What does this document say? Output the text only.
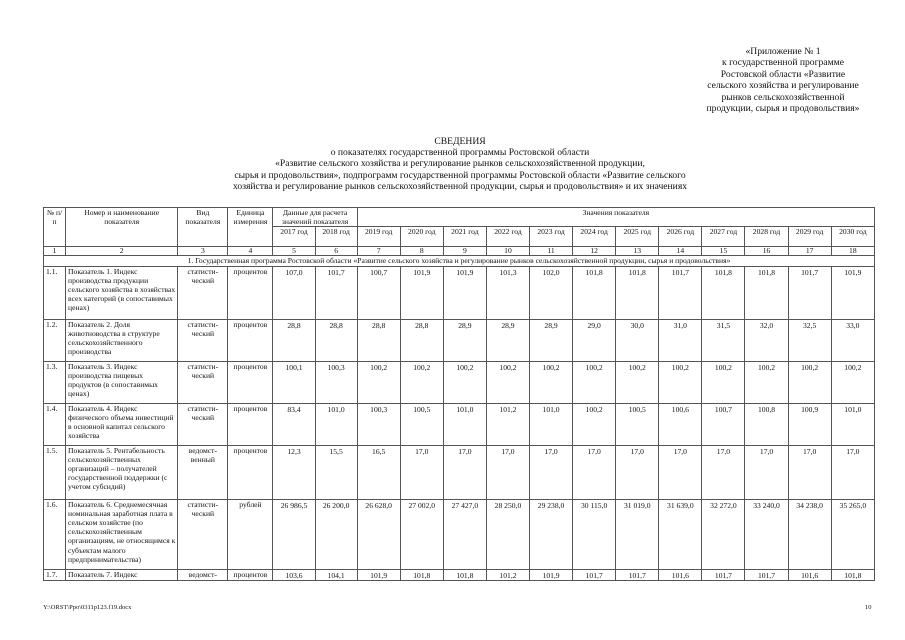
«Приложение № 1
к государственной программе
Ростовской области «Развитие
сельского хозяйства и регулирование
рынков сельскохозяйственной
продукции, сырья и продовольствия»
СВЕДЕНИЯ
о показателях государственной программы Ростовской области
«Развитие сельского хозяйства и регулирование рынков сельскохозяйственной продукции,
сырья и продовольствия», подпрограмм государственной программы Ростовской области «Развитие сельского
хозяйства и регулирование рынков сельскохозяйственной продукции, сырья и продовольствия» и их значениях
№ п/п	Номер и наименование показателя	Вид показателя	Единица измерения	Данные для расчета значений показателя		Значения показателя											

				2017 год	2018 год	2019 год	2020 год	2021 год	2022 год	2023 год	2024 год	2025 год	2026 год	2027 год	2028 год	2029 год	2030 год
1	2	3	4	5	6	7	8	9	10	11	12	13	14	15	16	17	18
1. Государственная программа Ростовской области «Развитие сельского хозяйства и регулирование рынков сельскохозяйственной продукции, сырья и продовольствия»																	
1.1.	Показатель 1. Индекс производства продукции сельского хозяйства в хозяйствах всех категорий (в сопоставимых ценах)	статисти-ческий	процентов	107,0	101,7	100,7	101,9	101,9	101,3	102,0	101,8	101,8	101,7	101,8	101,8	101,7	101,9
1.2.	Показатель 2. Доля животноводства в структуре сельскохозяйственного производства	статисти-ческий	процентов	28,8	28,8	28,8	28,8	28,9	28,9	28,9	29,0	30,0	31,0	31,5	32,0	32,5	33,0
1.3.	Показатель 3. Индекс производства пищевых продуктов (в сопоставимых ценах)	статисти-ческий	процентов	100,1	100,3	100,2	100,2	100,2	100,2	100,2	100,2	100,2	100,2	100,2	100,2	100,2	100,2
1.4.	Показатель 4. Индекс физического объема инвестиций в основной капитал сельского хозяйства	статисти-ческий	процентов	83,4	101,0	100,3	100,5	101,0	101,2	101,0	100,2	100,5	100,6	100,7	100,8	100,9	101,0
1.5.	Показатель 5. Рентабельность сельскохозяйственных организаций – получателей государственной поддержки (с учетом субсидий)	ведомст-венный	процентов	12,3	15,5	16,5	17,0	17,0	17,0	17,0	17,0	17,0	17,0	17,0	17,0	17,0	17,0
1.6.	Показатель 6. Среднемесячная номинальная заработная плата в сельском хозяйстве (по сельскохозяйственным организациям, не относящимся к субъектам малого предпринимательства)	статисти-ческий	рублей	26 986,5	26 200,0	26 628,0	27 002,0	27 427,0	28 250,0	29 238,0	30 115,0	31 019,0	31 639,0	32 272,0	33 240,0	34 238,0	35 265,0
1.7.	Показатель 7. Индекс	ведомст-	процентов	103,6	104,1	101,9	101,8	101,8	101,2	101,9	101,7	101,7	101,6	101,7	101,7	101,6	101,8
Y:\ORST\Ppo\0311p123.f19.docx	10
